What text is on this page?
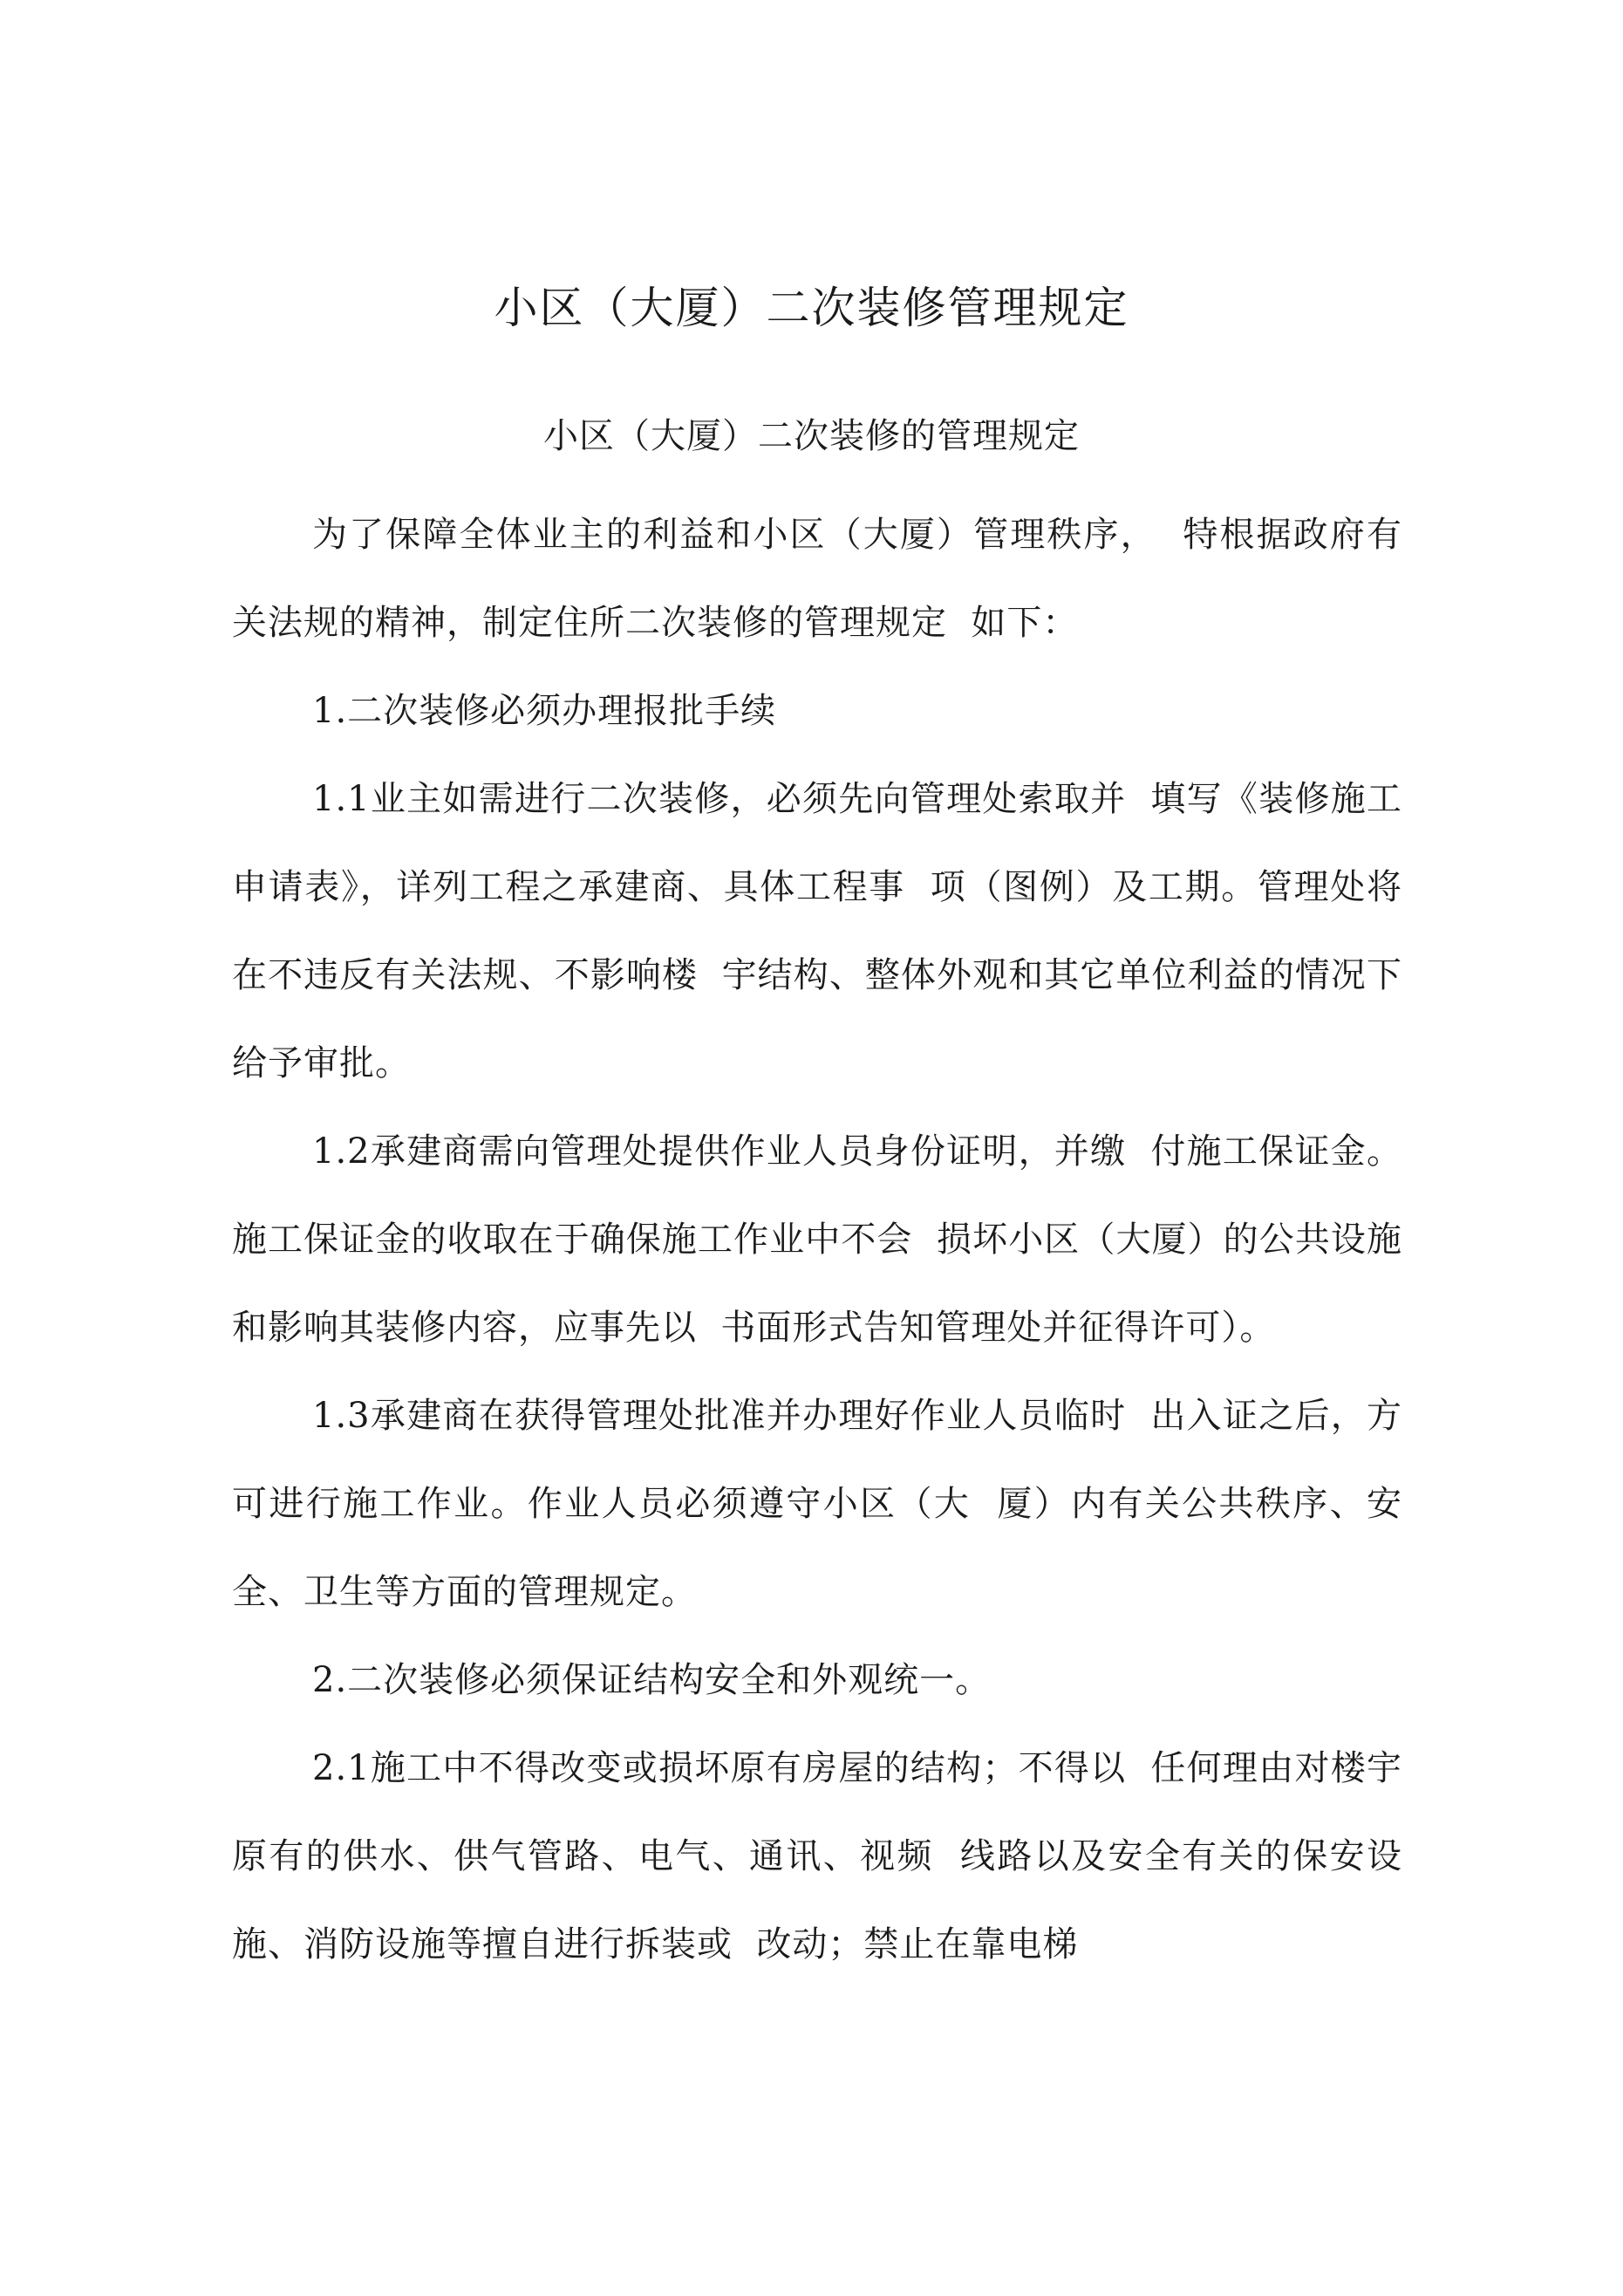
小区（大厦）二次装修管理规定
小区（大厦）二次装修的管理规定

为了保障全体业主的利益和小区（大厦）管理秩序，  特根据政府有关法规的精神，制定住所二次装修的管理规定  如下：

1.二次装修必须办理报批手续

1.1业主如需进行二次装修，必须先向管理处索取并  填写《装修施工申请表》，详列工程之承建商、具体工程事  项（图例）及工期。管理处将在不违反有关法规、不影响楼  宇结构、整体外观和其它单位利益的情况下给予审批。

1.2承建商需向管理处提供作业人员身份证明，并缴  付施工保证金。施工保证金的收取在于确保施工作业中不会  损坏小区（大厦）的公共设施和影响其装修内容，应事先以  书面形式告知管理处并征得许可）。

1.3承建商在获得管理处批准并办理好作业人员临时  出入证之后，方可进行施工作业。作业人员必须遵守小区（大  厦）内有关公共秩序、安全、卫生等方面的管理规定。

2.二次装修必须保证结构安全和外观统一。

2.1施工中不得改变或损坏原有房屋的结构；不得以  任何理由对楼宇原有的供水、供气管路、电气、通讯、视频  线路以及安全有关的保安设施、消防设施等擅自进行拆装或  改动；禁止在靠电梯
